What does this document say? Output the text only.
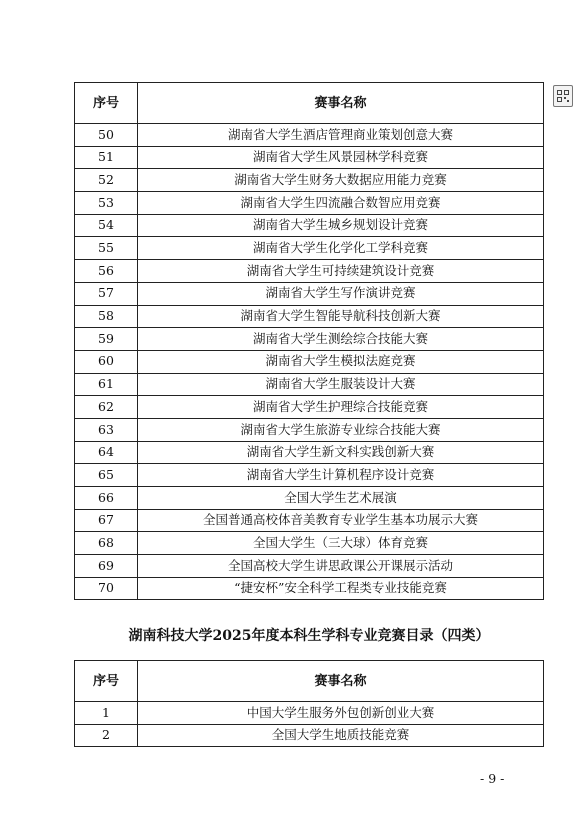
序号	赛事名称
50	湖南省大学生酒店管理商业策划创意大赛
51	湖南省大学生风景园林学科竞赛
52	湖南省大学生财务大数据应用能力竞赛
53	湖南省大学生四流融合数智应用竞赛
54	湖南省大学生城乡规划设计竞赛
55	湖南省大学生化学化工学科竞赛
56	湖南省大学生可持续建筑设计竞赛
57	湖南省大学生写作演讲竞赛
58	湖南省大学生智能导航科技创新大赛
59	湖南省大学生测绘综合技能大赛
60	湖南省大学生模拟法庭竞赛
61	湖南省大学生服装设计大赛
62	湖南省大学生护理综合技能竞赛
63	湖南省大学生旅游专业综合技能大赛
64	湖南省大学生新文科实践创新大赛
65	湖南省大学生计算机程序设计竞赛
66	全国大学生艺术展演
67	全国普通高校体音美教育专业学生基本功展示大赛
68	全国大学生（三大球）体育竞赛
69	全国高校大学生讲思政课公开课展示活动
70	“捷安杯”安全科学工程类专业技能竞赛
湖南科技大学2025年度本科生学科专业竞赛目录（四类）
序号	赛事名称
1	中国大学生服务外包创新创业大赛
2	全国大学生地质技能竞赛
- 9 -
